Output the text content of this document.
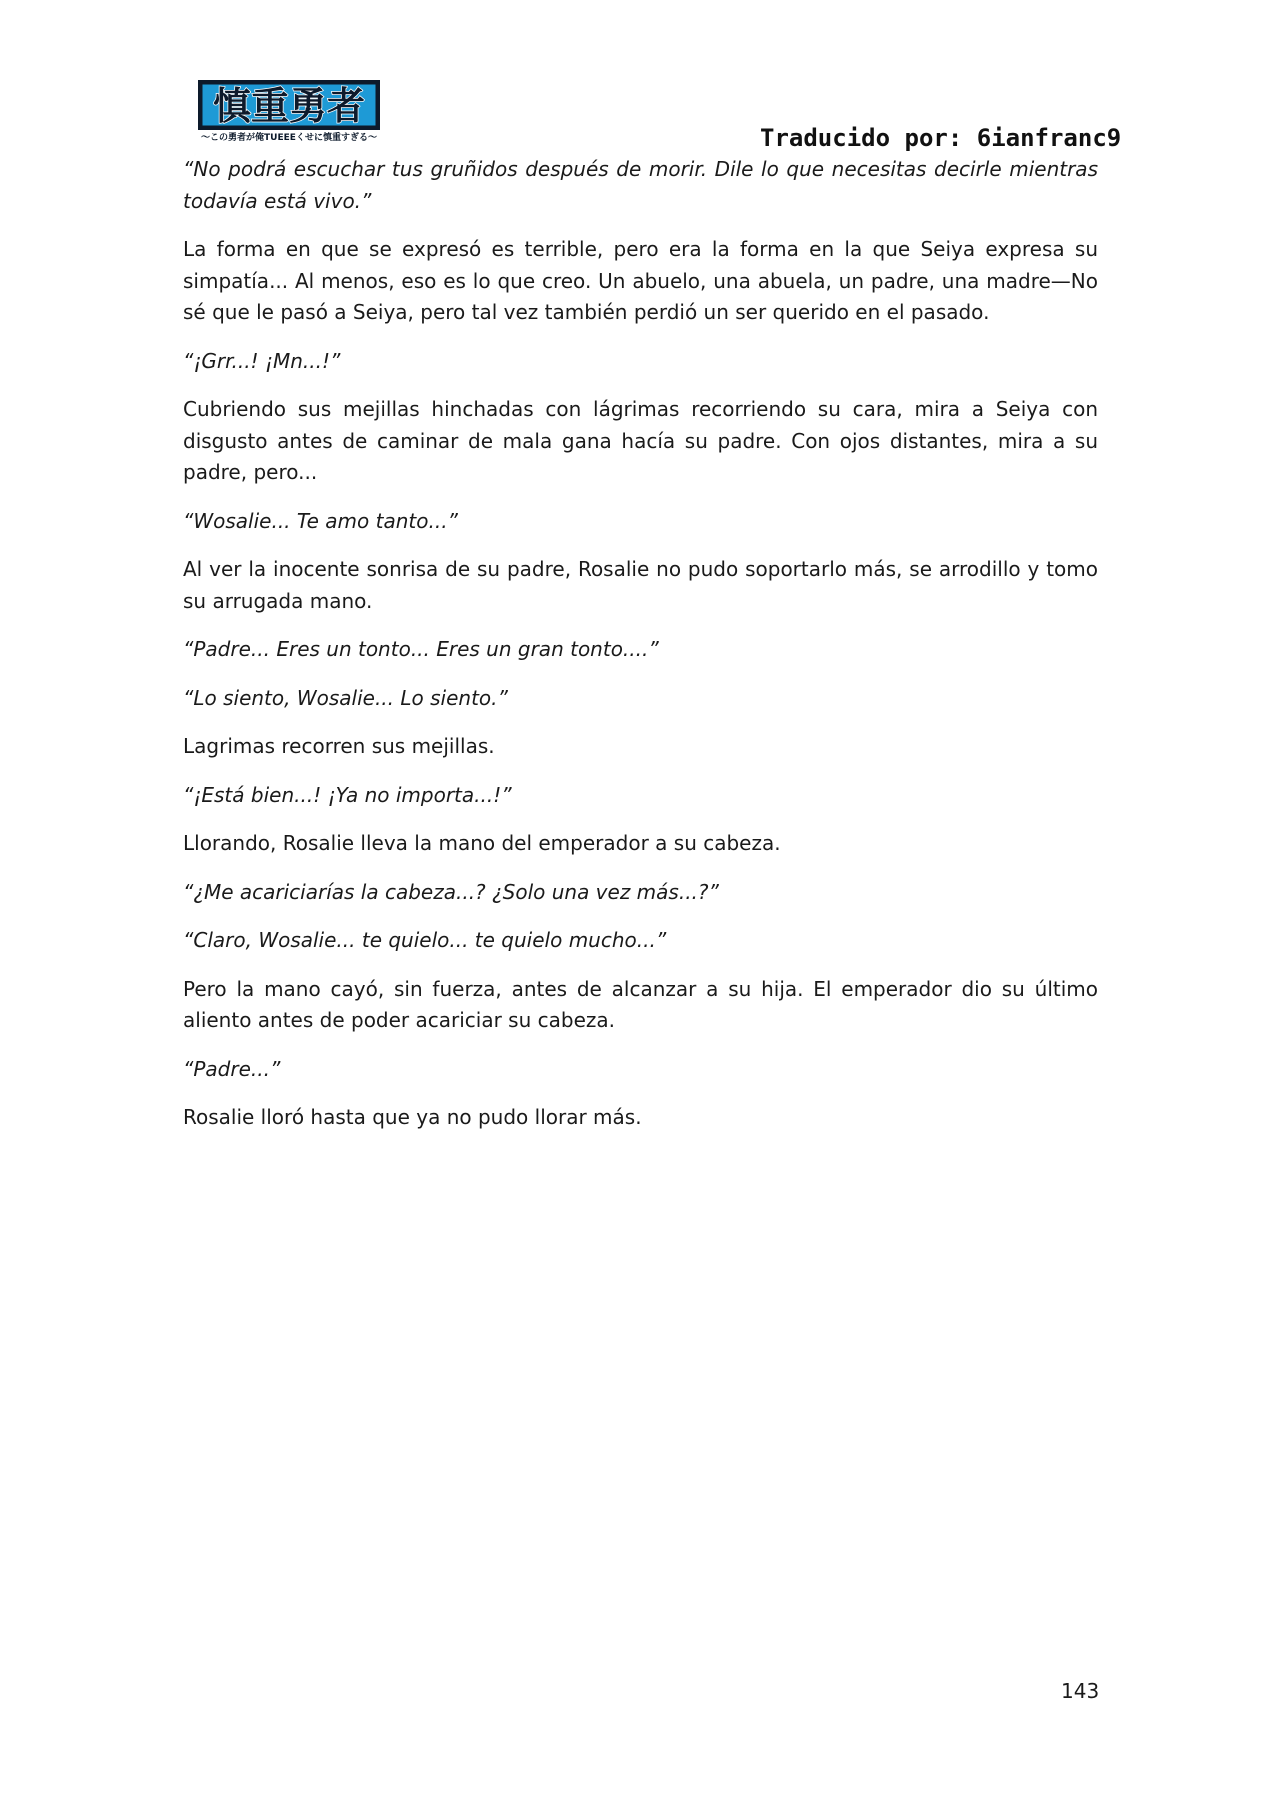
慎重勇者
〜この勇者が俺TUEEEくせに慎重すぎる〜	Traducido por: 6ianfranc9

“No podrá escuchar tus gruñidos después de morir. Dile lo que necesitas decirle mientras todavía está vivo.”

La forma en que se expresó es terrible, pero era la forma en la que Seiya expresa su simpatía... Al menos, eso es lo que creo. Un abuelo, una abuela, un padre, una madre—No sé que le pasó a Seiya, pero tal vez también perdió un ser querido en el pasado.

“¡Grr...! ¡Mn...!”

Cubriendo sus mejillas hinchadas con lágrimas recorriendo su cara, mira a Seiya con disgusto antes de caminar de mala gana hacía su padre. Con ojos distantes, mira a su padre, pero...

“Wosalie... Te amo tanto...”

Al ver la inocente sonrisa de su padre, Rosalie no pudo soportarlo más, se arrodillo y tomo su arrugada mano.

“Padre... Eres un tonto... Eres un gran tonto....”

“Lo siento, Wosalie... Lo siento.”

Lagrimas recorren sus mejillas.

“¡Está bien...! ¡Ya no importa...!”

Llorando, Rosalie lleva la mano del emperador a su cabeza.

“¿Me acariciarías la cabeza...? ¿Solo una vez más...?”

“Claro, Wosalie... te quielo... te quielo mucho...”

Pero la mano cayó, sin fuerza, antes de alcanzar a su hija. El emperador dio su último aliento antes de poder acariciar su cabeza.

“Padre...”

Rosalie lloró hasta que ya no pudo llorar más.

143
